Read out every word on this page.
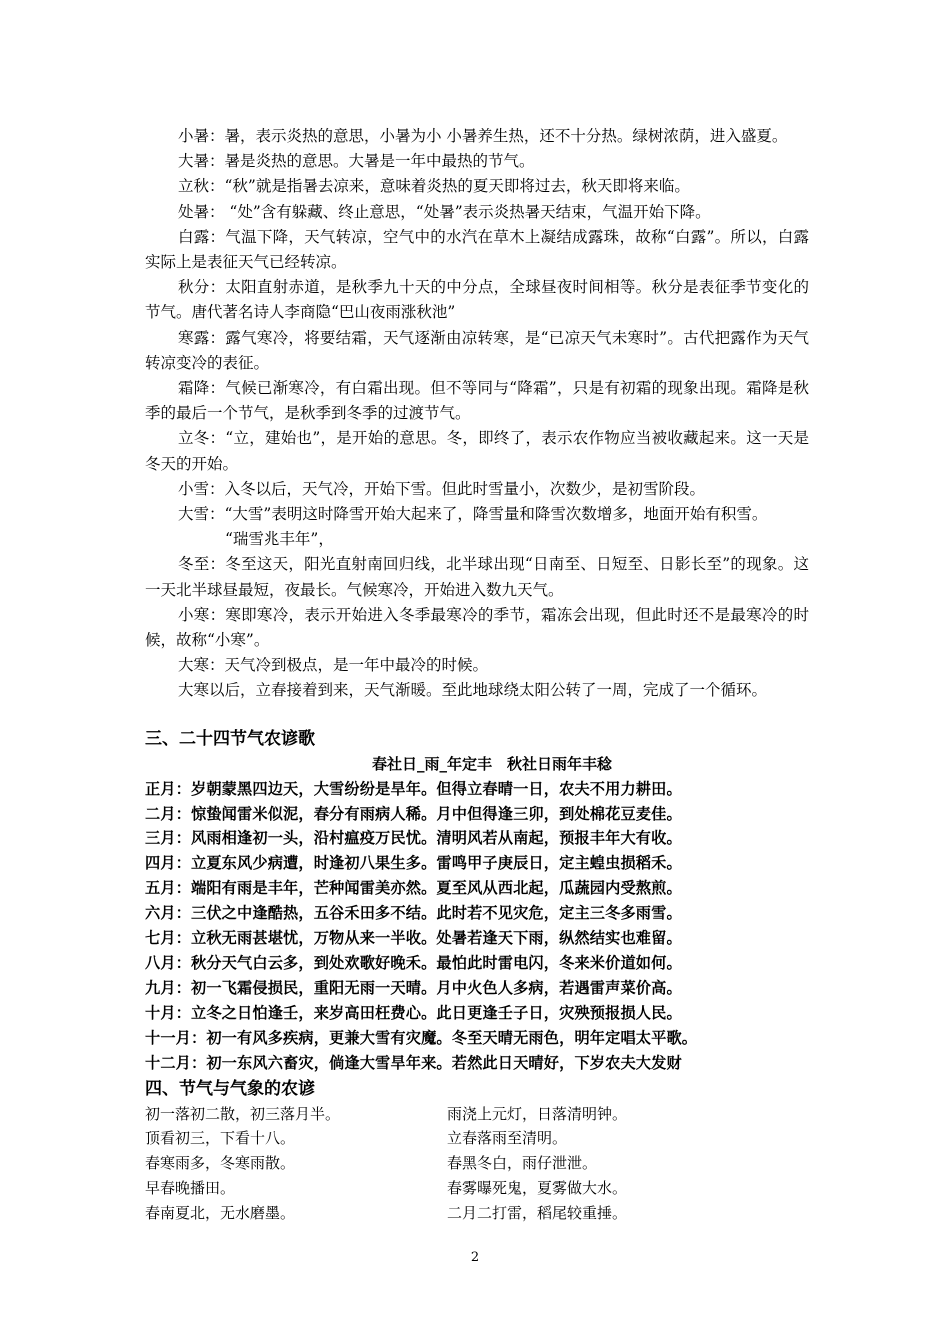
小暑：暑，表示炎热的意思，小暑为小 小暑养生热，还不十分热。绿树浓荫，进入盛夏。

大暑：暑是炎热的意思。大暑是一年中最热的节气。

立秋：“秋”就是指暑去凉来，意味着炎热的夏天即将过去，秋天即将来临。

处暑： “处”含有躲藏、终止意思，“处暑”表示炎热暑天结束，气温开始下降。

白露：气温下降，天气转凉，空气中的水汽在草木上凝结成露珠，故称“白露”。所以，白露实际上是表征天气已经转凉。

秋分：太阳直射赤道，是秋季九十天的中分点，全球昼夜时间相等。秋分是表征季节变化的节气。唐代著名诗人李商隐“巴山夜雨涨秋池”

寒露：露气寒冷，将要结霜，天气逐渐由凉转寒，是“已凉天气未寒时”。古代把露作为天气转凉变冷的表征。

霜降：气候已渐寒冷，有白霜出现。但不等同与“降霜”，只是有初霜的现象出现。霜降是秋季的最后一个节气，是秋季到冬季的过渡节气。

立冬：“立，建始也”，是开始的意思。冬，即终了，表示农作物应当被收藏起来。这一天是冬天的开始。

小雪：入冬以后，天气冷，开始下雪。但此时雪量小，次数少，是初雪阶段。

大雪：“大雪”表明这时降雪开始大起来了，降雪量和降雪次数增多，地面开始有积雪。

“瑞雪兆丰年”，

冬至：冬至这天，阳光直射南回归线，北半球出现“日南至、日短至、日影长至”的现象。这一天北半球昼最短，夜最长。气候寒冷，开始进入数九天气。

小寒：寒即寒冷，表示开始进入冬季最寒冷的季节，霜冻会出现，但此时还不是最寒冷的时候，故称“小寒”。

大寒：天气冷到极点，是一年中最冷的时候。

大寒以后，立春接着到来，天气渐暖。至此地球绕太阳公转了一周，完成了一个循环。

三、二十四节气农谚歌
春社日_雨_年定丰　秋社日雨年丰稔
正月：岁朝蒙黑四边天，大雪纷纷是旱年。但得立春晴一日，农夫不用力耕田。
二月：惊蛰闻雷米似泥，春分有雨病人稀。月中但得逢三卯，到处棉花豆麦佳。
三月：风雨相逢初一头，沿村瘟疫万民忧。清明风若从南起，预报丰年大有收。
四月：立夏东风少病遭，时逢初八果生多。雷鸣甲子庚辰日，定主蝗虫损稻禾。
五月：端阳有雨是丰年，芒种闻雷美亦然。夏至风从西北起，瓜蔬园内受熬煎。
六月：三伏之中逢酷热，五谷禾田多不结。此时若不见灾危，定主三冬多雨雪。
七月：立秋无雨甚堪忧，万物从来一半收。处暑若逢天下雨，纵然结实也难留。
八月：秋分天气白云多，到处欢歌好晚禾。最怕此时雷电闪，冬来米价道如何。
九月：初一飞霜侵损民，重阳无雨一天晴。月中火色人多病，若遇雷声菜价高。
十月：立冬之日怕逢壬，来岁高田枉费心。此日更逢壬子日，灾殃预报损人民。
十一月：初一有风多疾病，更兼大雪有灾魔。冬至天晴无雨色，明年定唱太平歌。
十二月：初一东风六畜灾，倘逢大雪旱年来。若然此日天晴好，下岁农夫大发财
四、节气与气象的农谚
初一落初二散，初三落月半。	雨浇上元灯，日落清明钟。
顶看初三，下看十八。	立春落雨至清明。
春寒雨多，冬寒雨散。	春黑冬白，雨仔泄泄。
早春晚播田。	春雾曝死鬼，夏雾做大水。
春南夏北，无水磨墨。	二月二打雷，稻尾较重捶。
2
